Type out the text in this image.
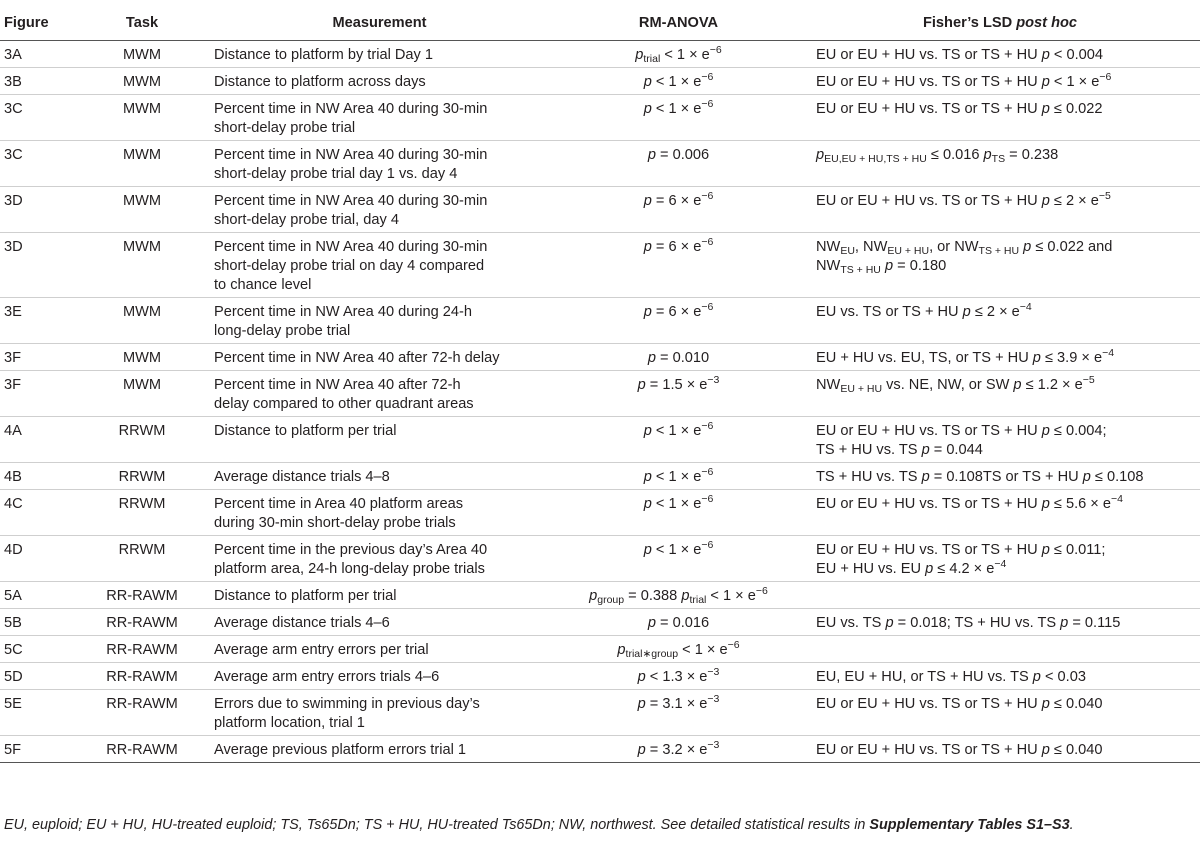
Figure	Task	Measurement	RM-ANOVA	Fisher’s LSD post hoc
3A	MWM	Distance to platform by trial Day 1	$p_{trial} < 1 \times e^{-6}$	EU or EU + HU vs. TS or TS + HU p < 0.004
3B	MWM	Distance to platform across days	$p < 1 \times e^{-6}$	EU or EU + HU vs. TS or TS + HU $p < 1 \times e^{-6}$
3C	MWM	Percent time in NW Area 40 during 30-min
short-delay probe trial	$p < 1 \times e^{-6}$	EU or EU + HU vs. TS or TS + HU p ≤ 0.022
3C	MWM	Percent time in NW Area 40 during 30-min
short-delay probe trial day 1 vs. day 4	p = 0.006	$p_{EU,EU + HU,TS + HU} \le 0.016$ $p_{TS} = 0.238$
3D	MWM	Percent time in NW Area 40 during 30-min
short-delay probe trial, day 4	$p = 6 \times e^{-6}$	EU or EU + HU vs. TS or TS + HU $p \le 2 \times e^{-5}$
3D	MWM	Percent time in NW Area 40 during 30-min
short-delay probe trial on day 4 compared
to chance level	$p = 6 \times e^{-6}$	$NW_{EU}$, $NW_{EU + HU}$, or $NW_{TS + HU}$ p ≤ 0.022 and
$NW_{TS + HU}$ p = 0.180
3E	MWM	Percent time in NW Area 40 during 24-h
long-delay probe trial	$p = 6 \times e^{-6}$	EU vs. TS or TS + HU $p \le 2 \times e^{-4}$
3F	MWM	Percent time in NW Area 40 after 72-h delay	p = 0.010	EU + HU vs. EU, TS, or TS + HU $p \le 3.9 \times e^{-4}$
3F	MWM	Percent time in NW Area 40 after 72-h
delay compared to other quadrant areas	$p = 1.5 \times e^{-3}$	$NW_{EU + HU}$ vs. NE, NW, or SW $p \le 1.2 \times e^{-5}$
4A	RRWM	Distance to platform per trial	$p < 1 \times e^{-6}$	EU or EU + HU vs. TS or TS + HU p ≤ 0.004;
TS + HU vs. TS p = 0.044
4B	RRWM	Average distance trials 4–8	$p < 1 \times e^{-6}$	TS + HU vs. TS p = 0.108TS or TS + HU p ≤ 0.108
4C	RRWM	Percent time in Area 40 platform areas
during 30-min short-delay probe trials	$p < 1 \times e^{-6}$	EU or EU + HU vs. TS or TS + HU $p \le 5.6 \times e^{-4}$
4D	RRWM	Percent time in the previous day’s Area 40
platform area, 24-h long-delay probe trials	$p < 1 \times e^{-6}$	EU or EU + HU vs. TS or TS + HU p ≤ 0.011;
EU + HU vs. EU $p \le 4.2 \times e^{-4}$
5A	RR-RAWM	Distance to platform per trial	$p_{group} = 0.388$ $p_{trial} < 1 \times e^{-6}$	
5B	RR-RAWM	Average distance trials 4–6	p = 0.016	EU vs. TS p = 0.018; TS + HU vs. TS p = 0.115
5C	RR-RAWM	Average arm entry errors per trial	$p_{trial∗group} < 1 \times e^{-6}$	
5D	RR-RAWM	Average arm entry errors trials 4–6	$p < 1.3 \times e^{-3}$	EU, EU + HU, or TS + HU vs. TS p < 0.03
5E	RR-RAWM	Errors due to swimming in previous day’s
platform location, trial 1	$p = 3.1 \times e^{-3}$	EU or EU + HU vs. TS or TS + HU p ≤ 0.040
5F	RR-RAWM	Average previous platform errors trial 1	$p = 3.2 \times e^{-3}$	EU or EU + HU vs. TS or TS + HU p ≤ 0.040
EU, euploid; EU + HU, HU-treated euploid; TS, Ts65Dn; TS + HU, HU-treated Ts65Dn; NW, northwest. See detailed statistical results in Supplementary Tables S1–S3.
